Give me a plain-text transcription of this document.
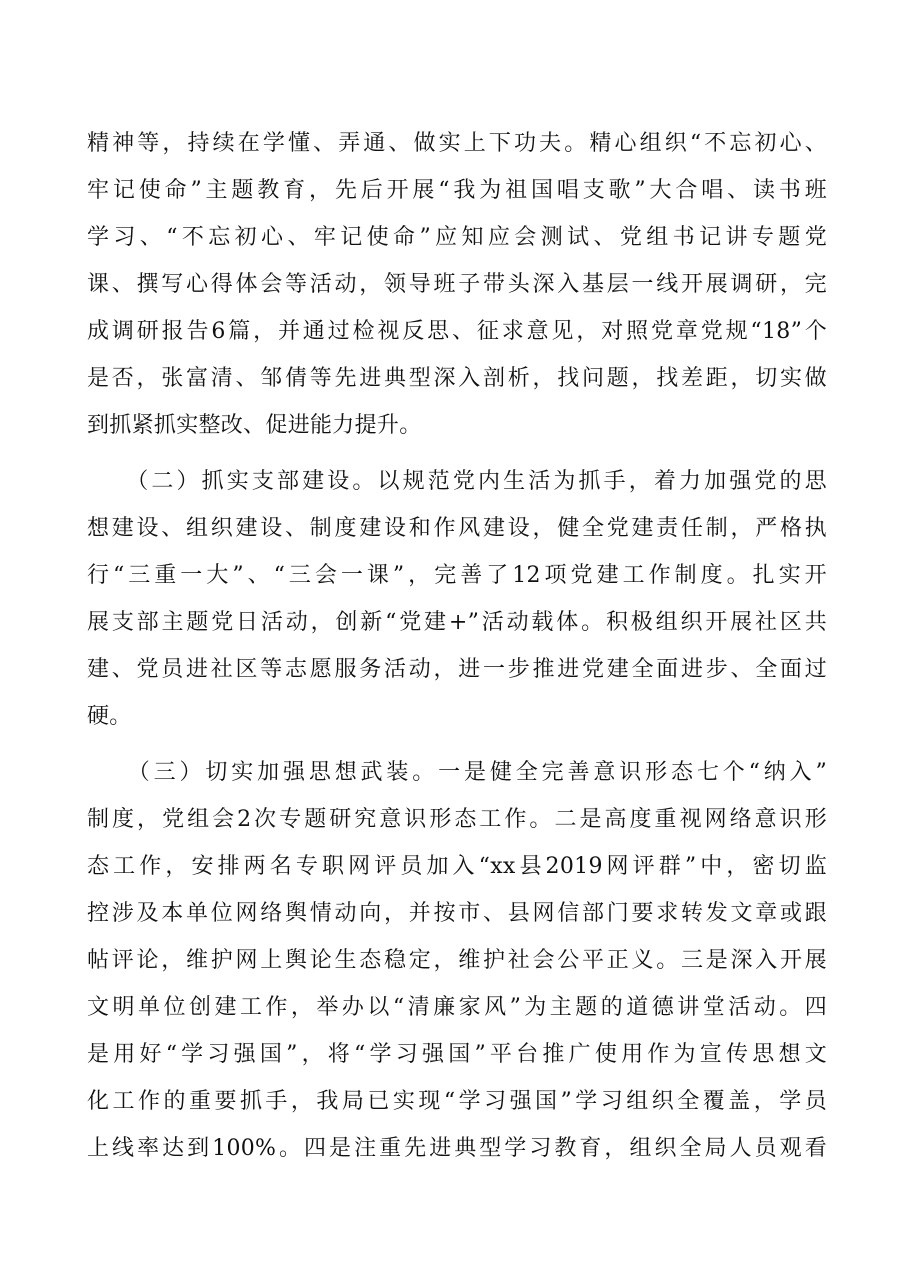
精神等，持续在学懂、弄通、做实上下功夫。精心组织“不忘初心、
牢记使命”主题教育，先后开展“我为祖国唱支歌”大合唱、读书班
学习、“不忘初心、牢记使命”应知应会测试、党组书记讲专题党
课、撰写心得体会等活动，领导班子带头深入基层一线开展调研，完
成调研报告6篇，并通过检视反思、征求意见，对照党章党规“18”个
是否，张富清、邹倩等先进典型深入剖析，找问题，找差距，切实做
到抓紧抓实整改、促进能力提升。
　　（二）抓实支部建设。以规范党内生活为抓手，着力加强党的思
想建设、组织建设、制度建设和作风建设，健全党建责任制，严格执
行“三重一大”、“三会一课”，完善了12项党建工作制度。扎实开
展支部主题党日活动，创新“党建+”活动载体。积极组织开展社区共
建、党员进社区等志愿服务活动，进一步推进党建全面进步、全面过
硬。
　　（三）切实加强思想武装。一是健全完善意识形态七个“纳入”
制度，党组会2次专题研究意识形态工作。二是高度重视网络意识形
态工作，安排两名专职网评员加入“xx县2019网评群”中，密切监
控涉及本单位网络舆情动向，并按市、县网信部门要求转发文章或跟
帖评论，维护网上舆论生态稳定，维护社会公平正义。三是深入开展
文明单位创建工作，举办以“清廉家风”为主题的道德讲堂活动。四
是用好“学习强国”，将“学习强国”平台推广使用作为宣传思想文
化工作的重要抓手，我局已实现“学习强国”学习组织全覆盖，学员
上线率达到100%。四是注重先进典型学习教育，组织全局人员观看
